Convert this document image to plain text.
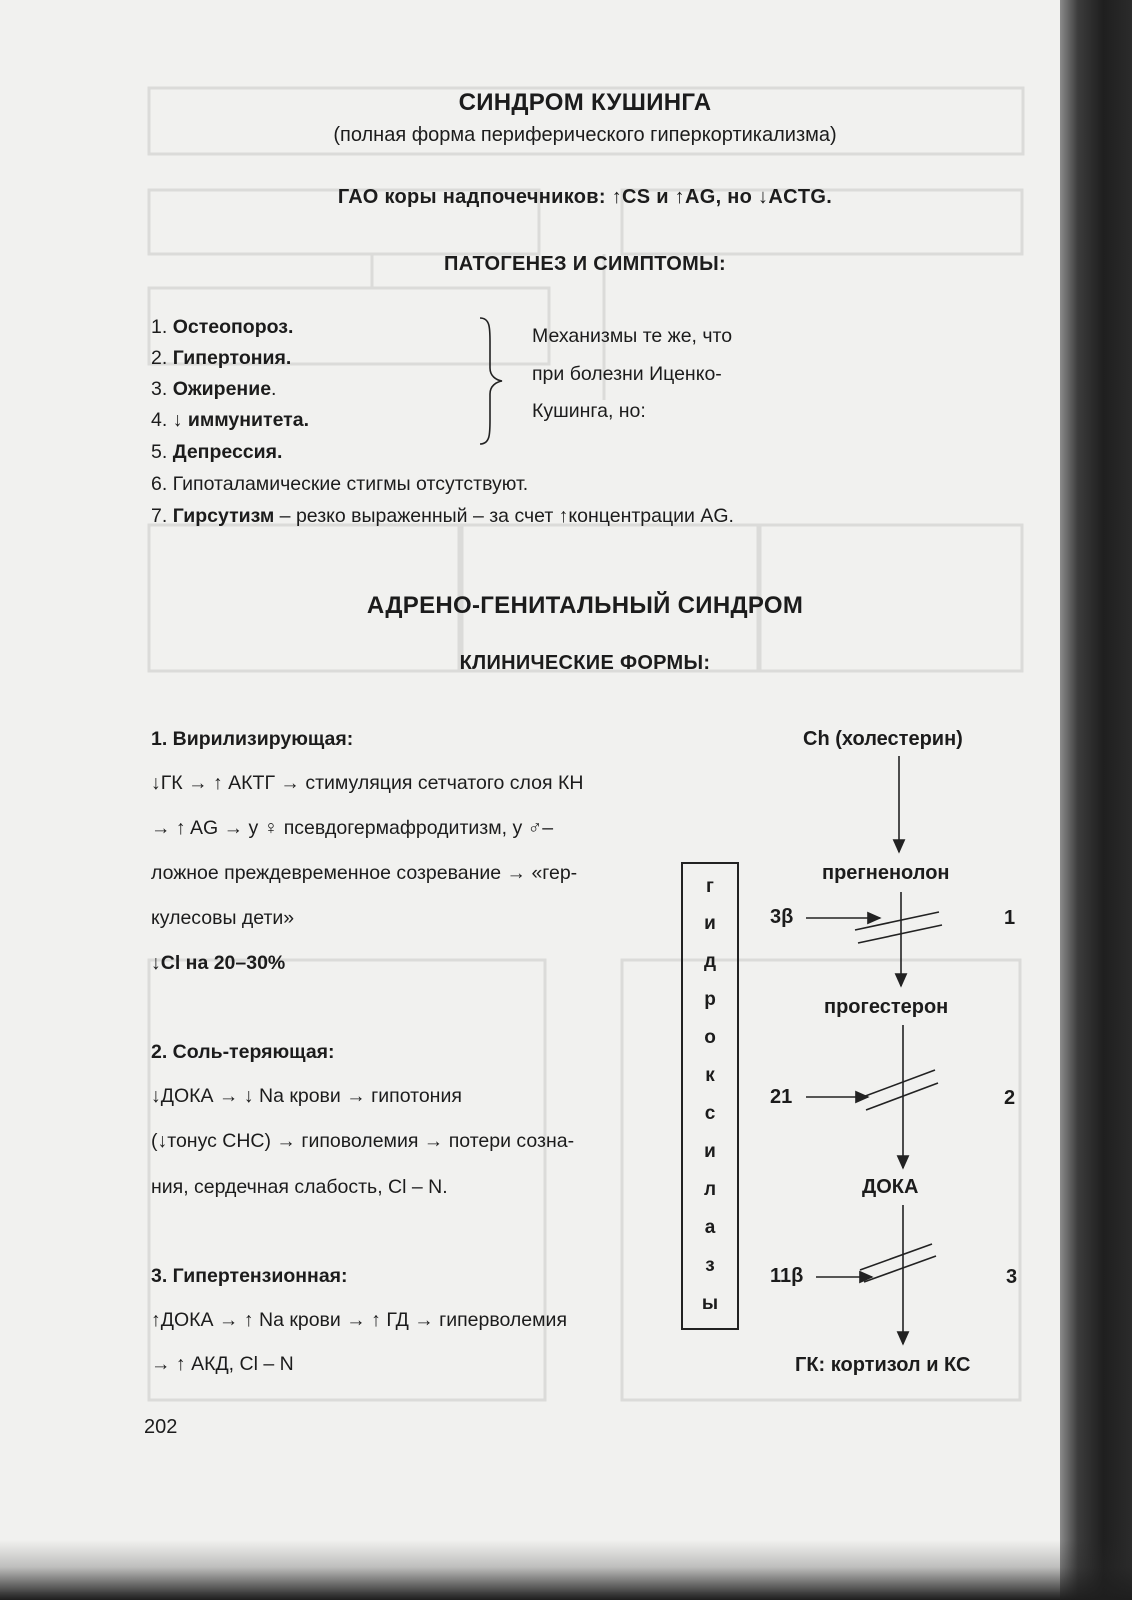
СИНДРОМ КУШИНГА
(полная форма периферического гиперкортикализма)
ГАО коры надпочечников: ↑CS и ↑AG, но ↓ACTG.
ПАТОГЕНЕЗ И СИМПТОМЫ:
1. Остеопороз.
2. Гипертония.
3. Ожирение.
4. ↓ иммунитета.
5. Депрессия.
6. Гипоталамические стигмы отсутствуют.
7. Гирсутизм – резко выраженный – за счет ↑концентрации AG.
Механизмы те же, что
при болезни Иценко-
Кушинга, но:
АДРЕНО-ГЕНИТАЛЬНЫЙ СИНДРОМ
КЛИНИЧЕСКИЕ ФОРМЫ:
1. Вирилизирующая:
↓ГК → ↑ АКТГ → стимуляция сетчатого слоя КН
→ ↑ AG → у ♀ псевдогермафродитизм, у ♂–
ложное преждевременное созревание → «гер-
кулесовы дети»
↓Cl на 20–30%
2. Соль-теряющая:
↓ДОКА → ↓ Na крови → гипотония
(↓тонус СНС) → гиповолемия → потери созна-
ния, сердечная слабость, Cl – N.
3. Гипертензионная:
↑ДОКА → ↑ Na крови → ↑ ГД → гиперволемия
→ ↑ АКД, Cl – N
г
и
д
р
о
к
с
и
л
а
з
ы
Ch (холестерин)
прегненолон
прогестерон
ДОКА
ГК: кортизол и КС
3β
21
11β
1
2
3
202
